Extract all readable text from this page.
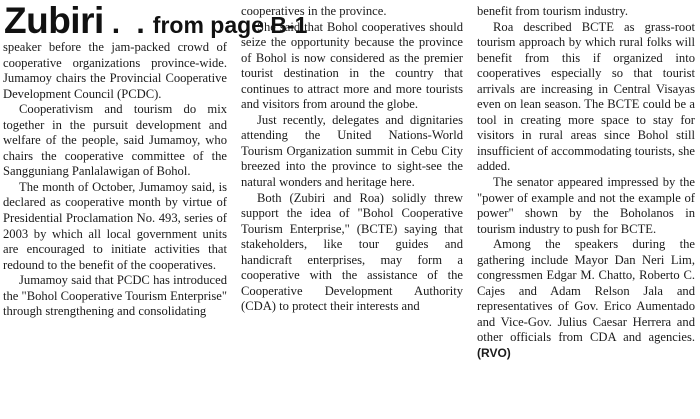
Zubiri . . from page B-1

speaker before the jam-packed crowd of cooperative organizations province-wide. Jumamoy chairs the Provincial Cooperative Development Council (PCDC).

Cooperativism and tourism do mix together in the pursuit development and welfare of the people, said Jumamoy, who chairs the cooperative committee of the Sangguniang Panlalawigan of Bohol.

The month of October, Jumamoy said, is declared as cooperative month by virtue of Presidential Proclamation No. 493, series of 2003 by which all local government units are encouraged to initiate activities that redound to the benefit of the cooperatives.

Jumamoy said that PCDC has introduced the "Bohol Cooperative Tourism Enterprise" through strengthening and consolidating

cooperatives in the province.

She said that Bohol cooperatives should seize the opportunity because the province of Bohol is now considered as the premier tourist destination in the country that continues to attract more and more tourists and visitors from around the globe.

Just recently, delegates and dignitaries attending the United Nations-World Tourism Organization summit in Cebu City breezed into the province to sight-see the natural wonders and heritage here.

Both (Zubiri and Roa) solidly threw support the idea of "Bohol Cooperative Tourism Enterprise," (BCTE) saying that stakeholders, like tour guides and handicraft enterprises, may form a cooperative with the assistance of the Cooperative Development Authority (CDA) to protect their interests and

benefit from tourism industry.

Roa described BCTE as grass-root tourism approach by which rural folks will benefit from this if organized into cooperatives especially so that tourist arrivals are increasing in Central Visayas even on lean season. The BCTE could be a tool in creating more space to stay for visitors in rural areas since Bohol still insufficient of accommodating tourists, she added.

The senator appeared impressed by the "power of example and not the example of power" shown by the Boholanos in tourism industry to push for BCTE.

Among the speakers during the gathering include Mayor Dan Neri Lim, congressmen Edgar M. Chatto, Roberto C. Cajes and Adam Relson Jala and representatives of Gov. Erico Aumentado and Vice-Gov. Julius Caesar Herrera and other officials from CDA and agencies. (RVO)
